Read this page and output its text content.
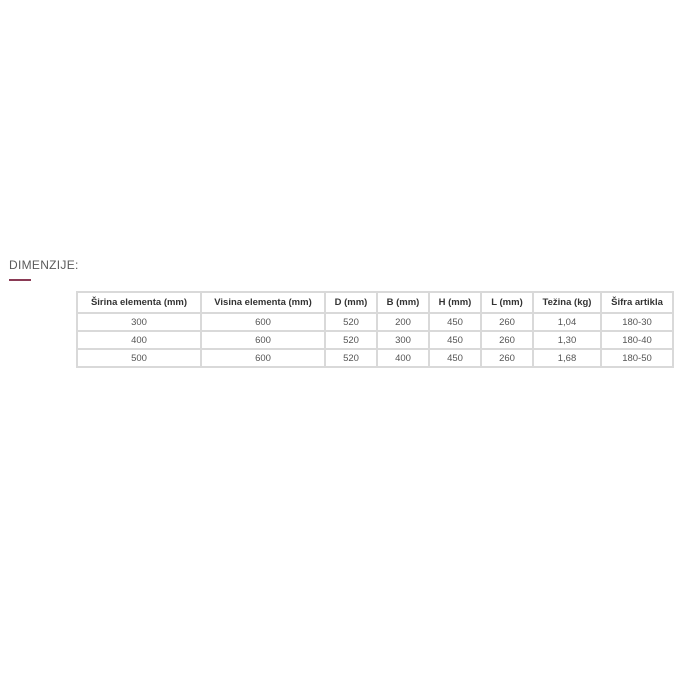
DIMENZIJE:
Širina elementa (mm)	Visina elementa (mm)	D (mm)	B (mm)	H (mm)	L (mm)	Težina (kg)	Šifra artikla
300	600	520	200	450	260	1,04	180-30
400	600	520	300	450	260	1,30	180-40
500	600	520	400	450	260	1,68	180-50
